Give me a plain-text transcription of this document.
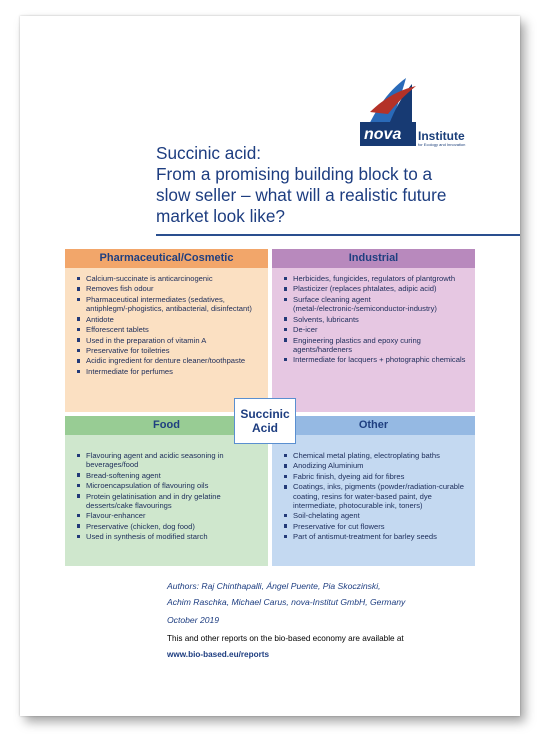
nova Institute
for Ecology and Innovation
Succinic acid:
From a promising building block to a
slow seller – what will a realistic future
market look like?
Pharmaceutical/Cosmetic
Calcium-succinate is anticarcinogenic
Removes fish odour
Pharmaceutical intermediates (sedatives, antiphlegm/-phogistics, antibacterial, disinfectant)
Antidote
Efforescent tablets
Used in the preparation of vitamin A
Preservative for toiletries
Acidic ingredient for denture cleaner/toothpaste
Intermediate for perfumes
Industrial
Herbicides, fungicides, regulators of plantgrowth
Plasticizer (replaces phtalates, adipic acid)
Surface cleaning agent (metal-/electronic-/semiconductor-industry)
Solvents, lubricants
De-icer
Engineering plastics and epoxy curing agents/hardeners
Intermediate for lacquers + photographic chemicals
Food
Flavouring agent and acidic seasoning in beverages/food
Bread-softening agent
Microencapsulation of flavouring oils
Protein gelatinisation and in dry gelatine desserts/cake flavourings
Flavour-enhancer
Preservative (chicken, dog food)
Used in synthesis of modified starch
Other
Chemical metal plating, electroplating baths
Anodizing Aluminium
Fabric finish, dyeing aid for fibres
Coatings, inks, pigments (powder/radiation-curable coating, resins for water-based paint, dye intermediate, photocurable ink, toners)
Soil-chelating agent
Preservative for cut flowers
Part of antismut-treatment for barley seeds
Succinic
Acid

Authors: Raj Chinthapalli, Ángel Puente, Pia Skoczinski,
Achim Raschka, Michael Carus, nova-Institut GmbH, Germany

October 2019
This and other reports on the bio-based economy are available at
www.bio-based.eu/reports
